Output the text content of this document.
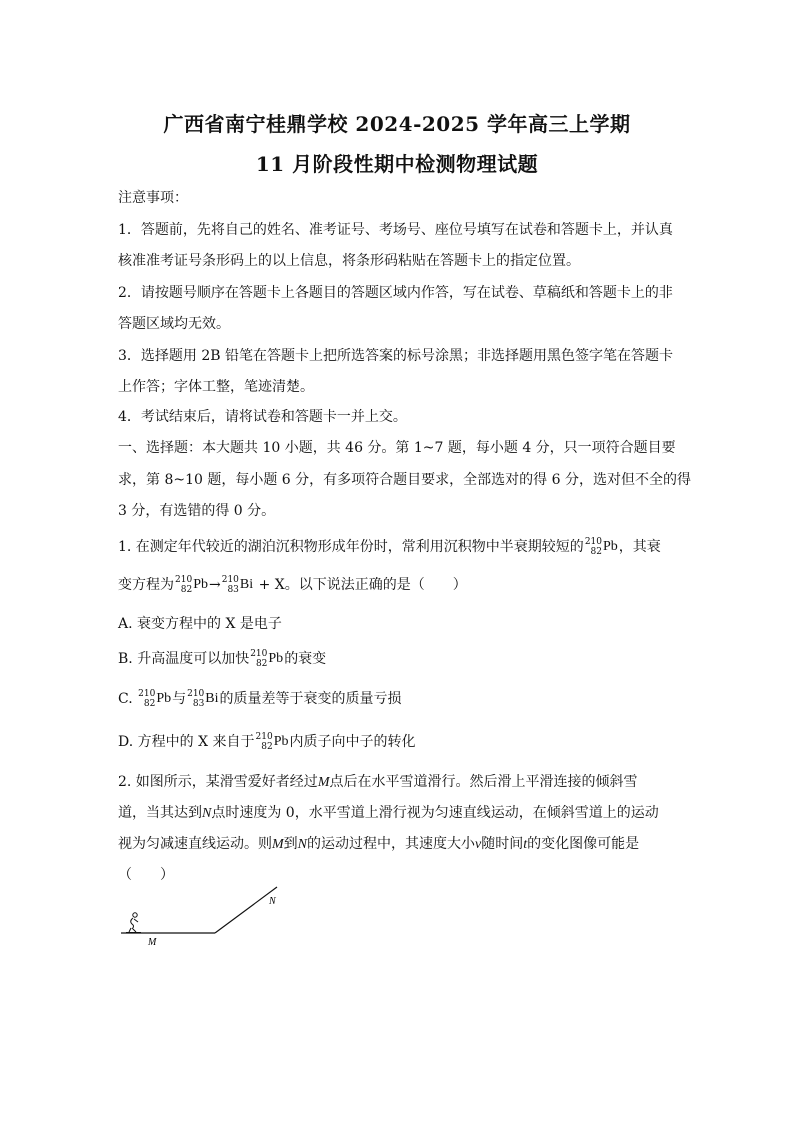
广西省南宁桂鼎学校 2024-2025 学年高三上学期
11 月阶段性期中检测物理试题
注意事项：
1．答题前，先将自己的姓名、准考证号、考场号、座位号填写在试卷和答题卡上，并认真
核准准考证号条形码上的以上信息，将条形码粘贴在答题卡上的指定位置。
2．请按题号顺序在答题卡上各题目的答题区域内作答，写在试卷、草稿纸和答题卡上的非
答题区域均无效。
3．选择题用 2B 铅笔在答题卡上把所选答案的标号涂黑；非选择题用黑色签字笔在答题卡
上作答；字体工整，笔迹清楚。
4．考试结束后，请将试卷和答题卡一并上交。
一、选择题：本大题共 10 小题，共 46 分。第 1~7 题，每小题 4 分，只一项符合题目要
求，第 8~10 题，每小题 6 分，有多项符合题目要求，全部选对的得 6 分，选对但不全的得
3 分，有选错的得 0 分。
1. 在测定年代较近的湖泊沉积物形成年份时，常利用沉积物中半衰期较短的 210
82 Pb ，其衰
变方程为 210
82 Pb → 210
83 Bi + X。以下说法正确的是（　　）
A. 衰变方程中的 X 是电子
B. 升高温度可以加快 210
82 Pb 的衰变
C. 210
82 Pb 与 210
83 Bi 的质量差等于衰变的质量亏损
D. 方程中的 X 来自于 210
82 Pb 内质子向中子的转化
2. 如图所示，某滑雪爱好者经过M点后在水平雪道滑行。然后滑上平滑连接的倾斜雪
道，当其达到N点时速度为 0，水平雪道上滑行视为匀速直线运动，在倾斜雪道上的运动
视为匀减速直线运动。则M到N的运动过程中，其速度大小v随时间t的变化图像可能是
（　　）
M
N
